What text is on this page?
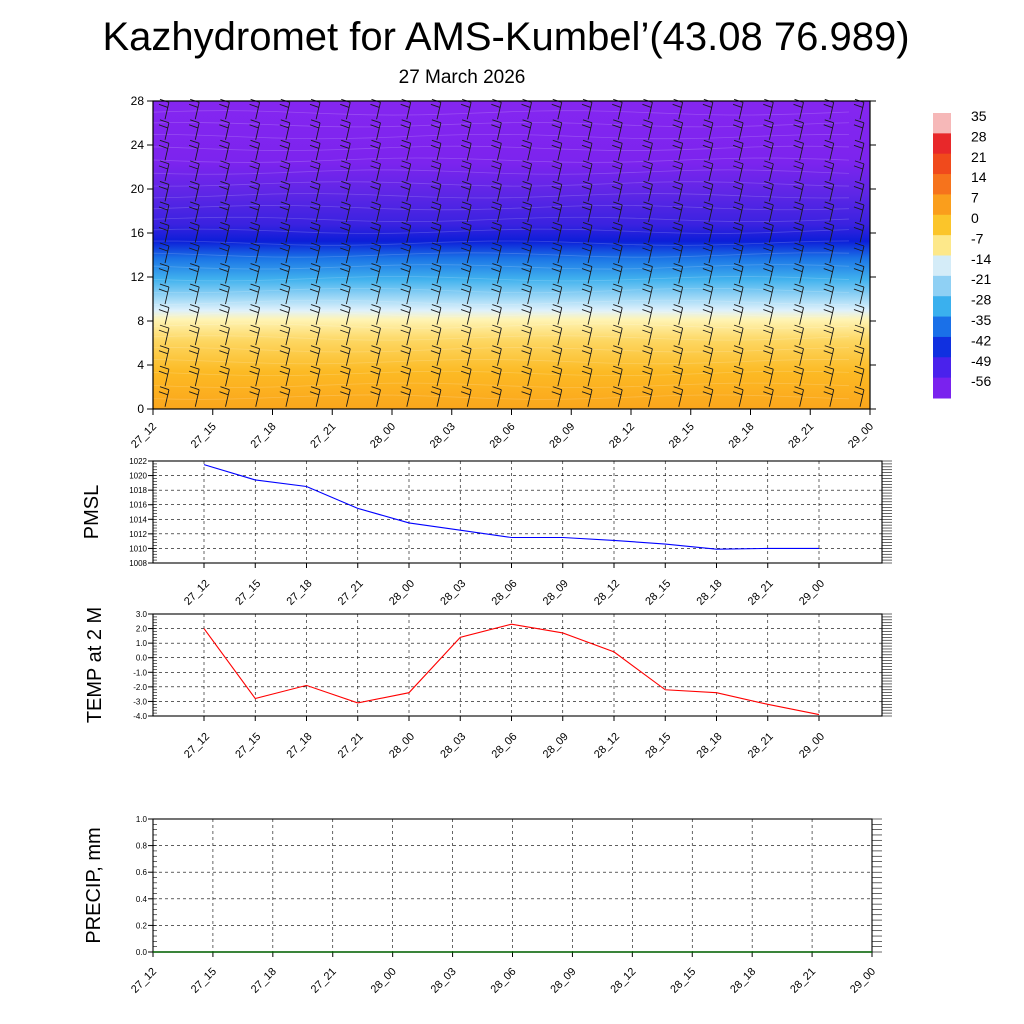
Kazhydromet for AMS-Kumbel’(43.08 76.989)
27 March 2026
0
4
8
12
16
20
24
28
27_12	27_15	27_18	27_21	28_00	28_03	28_06	28_09	28_12	28_15	28_18	28_21	29_00
35
28
21
14
7
0
-7
-14
-21
-28
-35
-42
-49
-56
1008
1010
1012
1014
1016
1018
1020
1022
27_12 27_15 27_18 27_21 28_00 28_03 28_06 28_09 28_12 28_15 28_18 28_21 29_00
PMSL
-4.0
-3.0
-2.0
-1.0
0.0
1.0
2.0
3.0
27_12 27_15 27_18 27_21 28_00 28_03 28_06 28_09 28_12 28_15 28_18 28_21 29_00
TEMP at 2 M
0.0
0.2
0.4
0.6
0.8
1.0
27_12	27_15	27_18	27_21	28_00	28_03	28_06	28_09	28_12	28_15	28_18	28_21	29_00
PRECIP, mm
